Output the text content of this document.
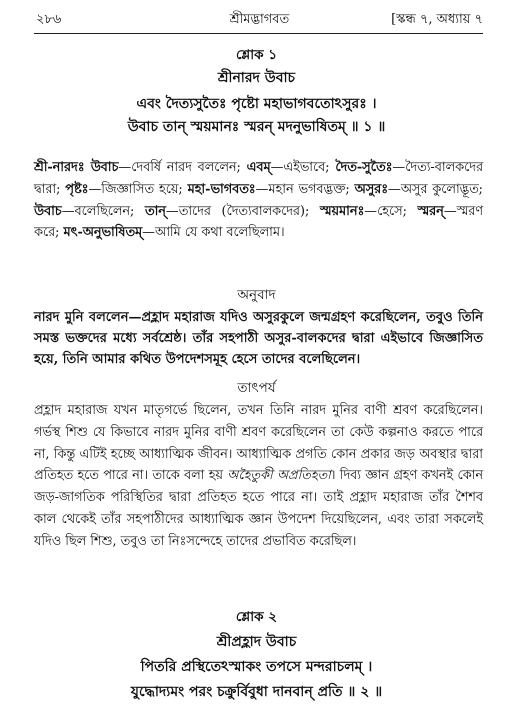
২৮৬	শ্রীমদ্ভাগবত	[স্কন্ধ ৭, অধ্যায় ৭
শ্লোক ১
শ্রীনারদ উবাচ
এবং দৈত্যসুতৈঃ পৃষ্টো মহাভাগবতোঽসুরঃ ।
উবাচ তান্ স্ময়মানঃ স্মরন্ মদনুভাষিতম্ ॥ ১ ॥
শ্রী-নারদঃ উবাচ—দেবর্ষি নারদ বললেন; এবম্—এইভাবে; দৈত-সুতৈঃ—দৈত্য-বালকদের দ্বারা; পৃষ্টঃ—জিজ্ঞাসিত হয়ে; মহা-ভাগবতঃ—মহান ভগবদ্ভক্ত; অসুরঃ—অসুর কুলোদ্ভূত; উবাচ—বলেছিলেন; তান্—তাদের (দৈত্যবালকদের); স্ময়মানঃ—হেসে; স্মরন্—স্মরণ করে; মৎ-অনুভাষিতম্—আমি যে কথা বলেছিলাম।
অনুবাদ
নারদ মুনি বললেন—প্রহ্লাদ মহারাজ যদিও অসুরকুলে জন্মগ্রহণ করেছিলেন, তবুও তিনি সমস্ত ভক্তদের মধ্যে সর্বশ্রেষ্ঠ। তাঁর সহপাঠী অসুর-বালকদের দ্বারা এইভাবে জিজ্ঞাসিত হয়ে, তিনি আমার কথিত উপদেশসমূহ হেসে তাদের বলেছিলেন।
তাৎপর্য
প্রহ্লাদ মহারাজ যখন মাতৃগর্ভে ছিলেন, তখন তিনি নারদ মুনির বাণী শ্রবণ করেছিলেন। গর্ভস্থ শিশু যে কিভাবে নারদ মুনির বাণী শ্রবণ করেছিলেন তা কেউ কল্পনাও করতে পারে না, কিন্তু এটিই হচ্ছে আধ্যাত্মিক জীবন। আধ্যাত্মিক প্রগতি কোন প্রকার জড় অবস্থার দ্বারা প্রতিহত হতে পারে না। তাকে বলা হয় অহৈতুকী অপ্রতিহতা। দিব্য জ্ঞান গ্রহণ কখনই কোন জড়-জাগতিক পরিস্থিতির দ্বারা প্রতিহত হতে পারে না। তাই প্রহ্লাদ মহারাজ তাঁর শৈশব কাল থেকেই তাঁর সহপাঠীদের আধ্যাত্মিক জ্ঞান উপদেশ দিয়েছিলেন, এবং তারা সকলেই যদিও ছিল শিশু, তবুও তা নিঃসন্দেহে তাদের প্রভাবিত করেছিল।
শ্লোক ২
শ্রীপ্রহ্লাদ উবাচ
পিতরি প্রস্থিতেঽস্মাকং তপসে মন্দরাচলম্ ।
যুদ্ধোদ্যমং পরং চক্রুর্বিবুধা দানবান্ প্রতি ॥ ২ ॥
